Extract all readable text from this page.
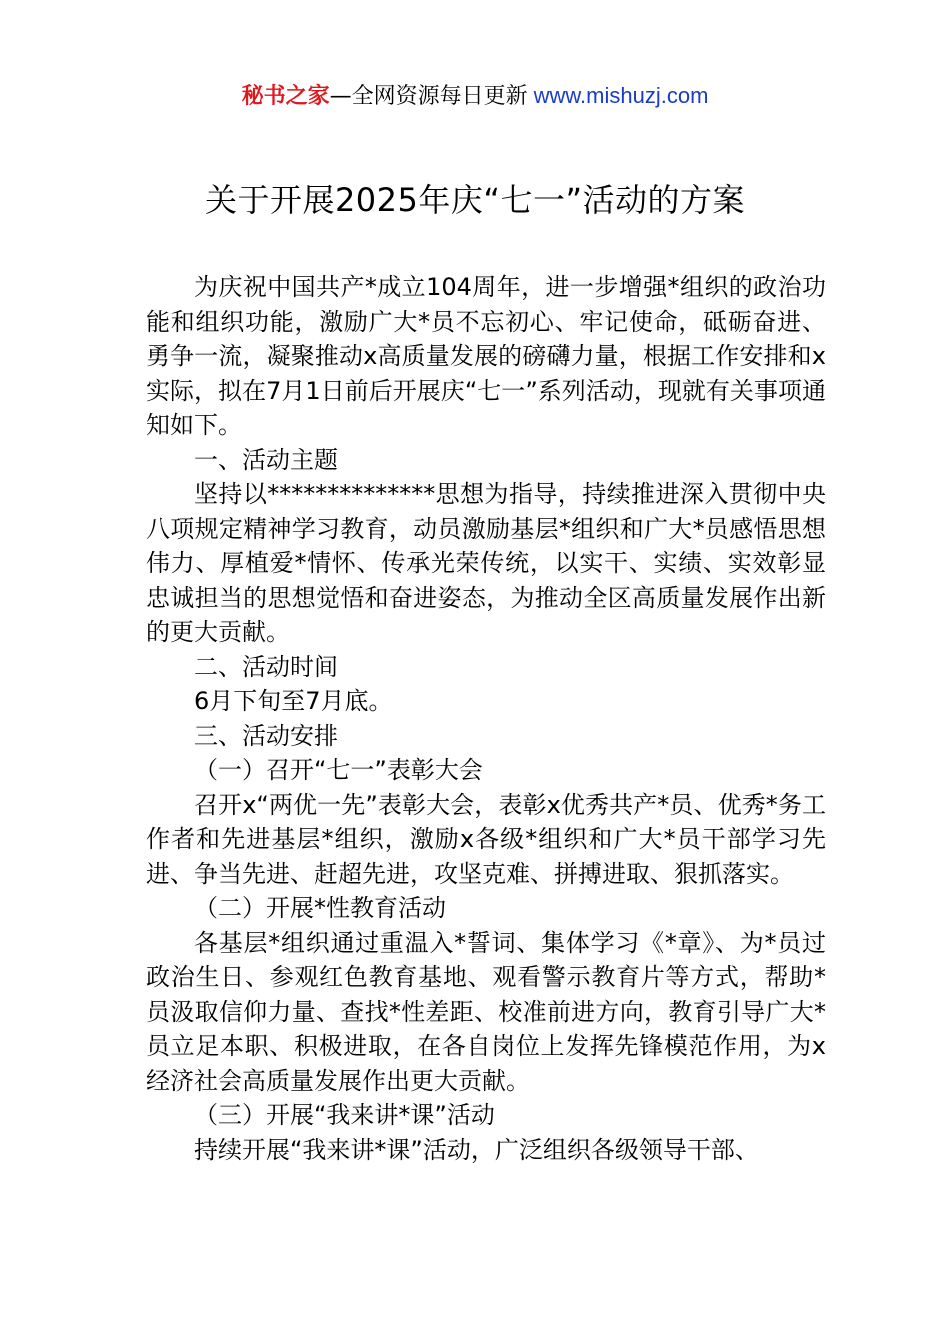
秘书之家—全网资源每日更新 www.mishuzj.com
关于开展2025年庆“七一”活动的方案

为庆祝中国共产*成立104周年，进一步增强*组织的政治功能和组织功能，激励广大*员不忘初心、牢记使命，砥砺奋进、勇争一流，凝聚推动x高质量发展的磅礴力量，根据工作安排和x实际，拟在7月1日前后开展庆“七一”系列活动，现就有关事项通知如下。

一、活动主题

坚持以**************思想为指导，持续推进深入贯彻中央八项规定精神学习教育，动员激励基层*组织和广大*员感悟思想伟力、厚植爱*情怀、传承光荣传统，以实干、实绩、实效彰显忠诚担当的思想觉悟和奋进姿态，为推动全区高质量发展作出新的更大贡献。

二、活动时间

6月下旬至7月底。

三、活动安排

（一）召开“七一”表彰大会

召开x“两优一先”表彰大会，表彰x优秀共产*员、优秀*务工作者和先进基层*组织，激励x各级*组织和广大*员干部学习先进、争当先进、赶超先进，攻坚克难、拼搏进取、狠抓落实。

（二）开展*性教育活动

各基层*组织通过重温入*誓词、集体学习《*章》、为*员过政治生日、参观红色教育基地、观看警示教育片等方式，帮助*员汲取信仰力量、查找*性差距、校准前进方向，教育引导广大*员立足本职、积极进取，在各自岗位上发挥先锋模范作用，为x经济社会高质量发展作出更大贡献。

（三）开展“我来讲*课”活动

持续开展“我来讲*课”活动，广泛组织各级领导干部、
